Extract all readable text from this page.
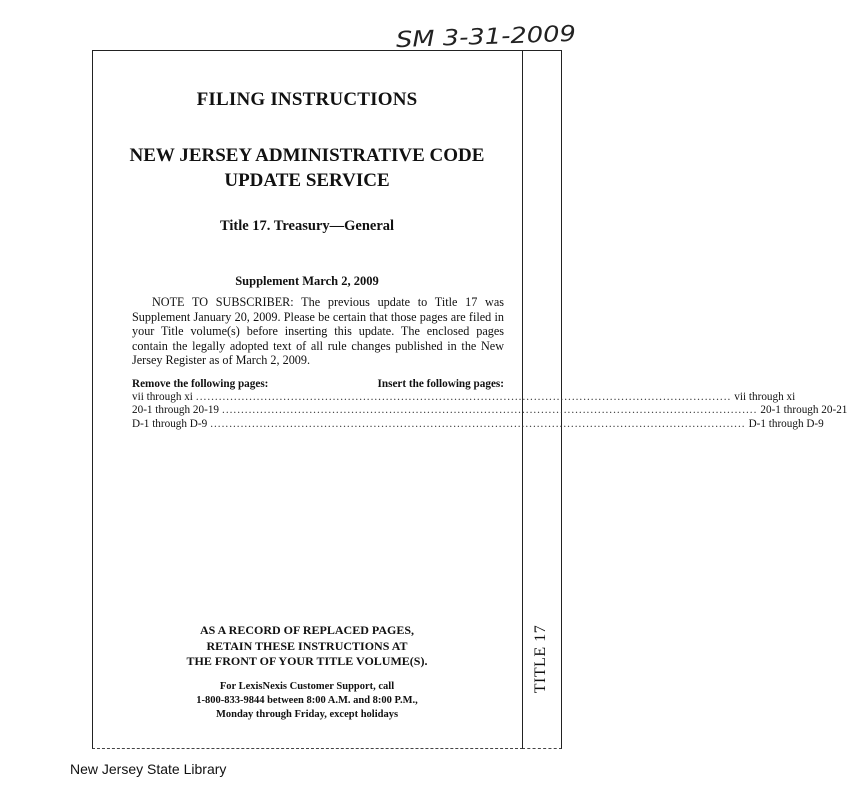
SM 3-31-2009
TITLE 17
FILING INSTRUCTIONS
NEW JERSEY ADMINISTRATIVE CODE
UPDATE SERVICE
Title 17. Treasury—General
Supplement March 2, 2009
NOTE TO SUBSCRIBER: The previous update to Title 17 was Supplement January 20, 2009. Please be certain that those pages are filed in your Title volume(s) before inserting this update. The enclosed pages contain the legally adopted text of all rule changes published in the New Jersey Register as of March 2, 2009.
Remove the following pages:	Insert the following pages:
vii through xi ............................................................................................................................................. vii through xi
20-1 through 20-19 ............................................................................................................................................. 20-1 through 20-21
D-1 through D-9 ............................................................................................................................................. D-1 through D-9
AS A RECORD OF REPLACED PAGES,
RETAIN THESE INSTRUCTIONS AT
THE FRONT OF YOUR TITLE VOLUME(S).
For LexisNexis Customer Support, call
1-800-833-9844 between 8:00 A.M. and 8:00 P.M.,
Monday through Friday, except holidays
New Jersey State Library
